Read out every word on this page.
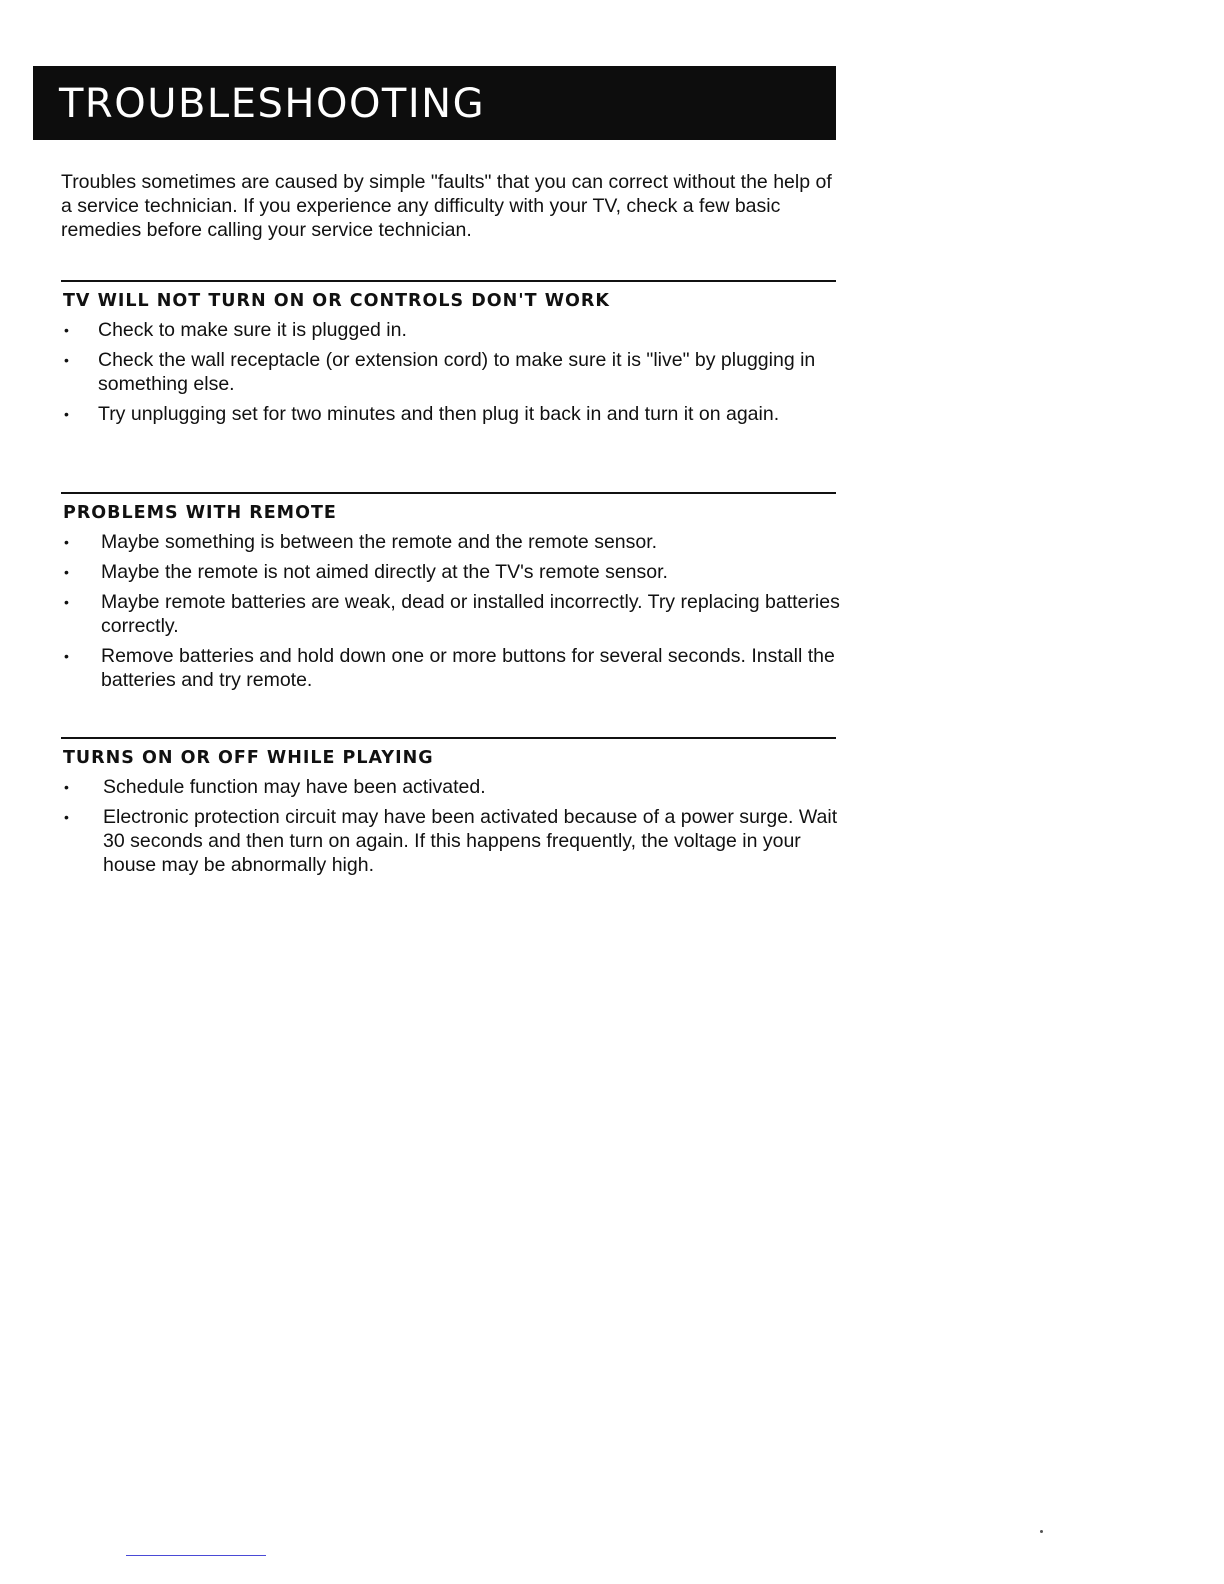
TROUBLESHOOTING

Troubles sometimes are caused by simple "faults" that you can correct without the help of a service technician. If you experience any difficulty with your TV, check a few basic remedies before calling your service technician.

TV WILL NOT TURN ON OR CONTROLS DON'T WORK
• Check to make sure it is plugged in.
• Check the wall receptacle (or extension cord) to make sure it is "live" by plugging in something else.
• Try unplugging set for two minutes and then plug it back in and turn it on again.
PROBLEMS WITH REMOTE
• Maybe something is between the remote and the remote sensor.
• Maybe the remote is not aimed directly at the TV's remote sensor.
• Maybe remote batteries are weak, dead or installed incorrectly. Try replacing batteries correctly.
• Remove batteries and hold down one or more buttons for several seconds. Install the batteries and try remote.
TURNS ON OR OFF WHILE PLAYING
• Schedule function may have been activated.
• Electronic protection circuit may have been activated because of a power surge. Wait 30 seconds and then turn on again. If this happens frequently, the voltage in your house may be abnormally high.
